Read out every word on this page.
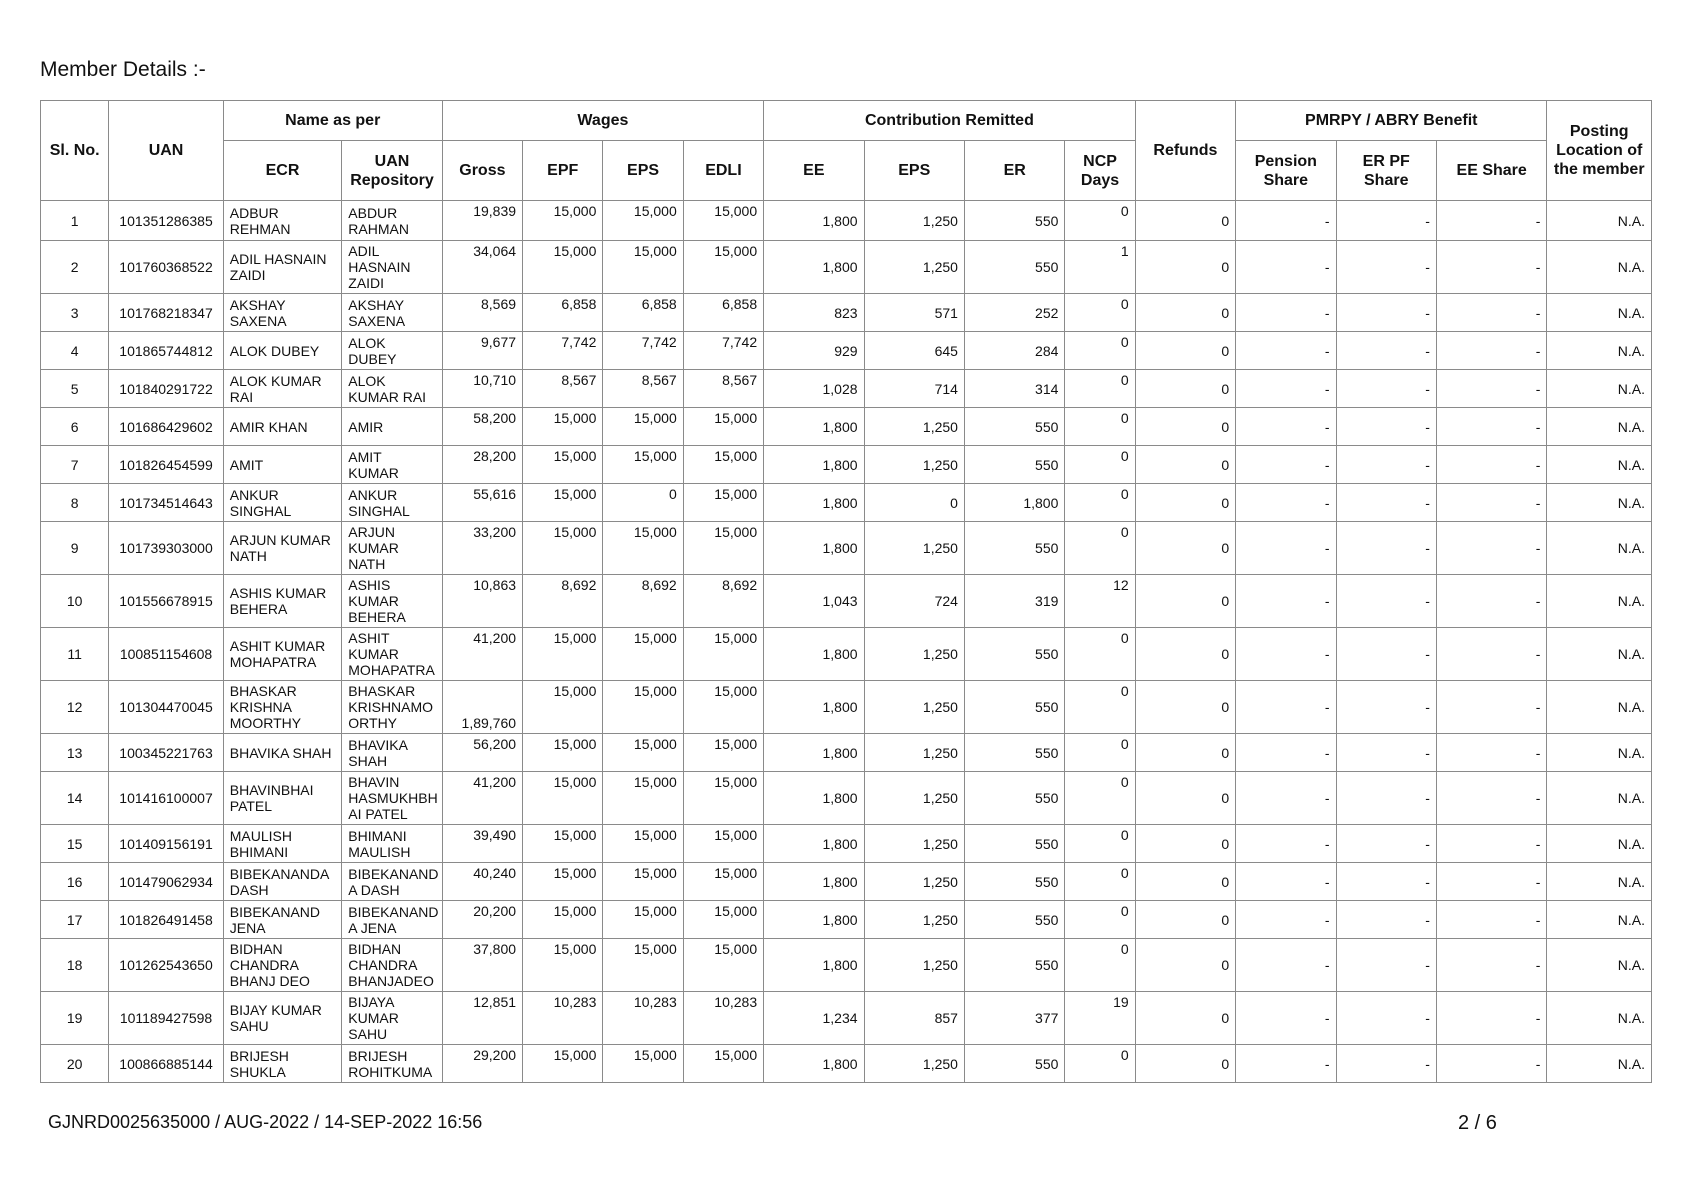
Member Details :-
Sl. No.	UAN	Name as per		Wages				Contribution Remitted				Refunds	PMRPY / ABRY Benefit			Posting Location of the member
		ECR	UAN Repository	Gross	EPF	EPS	EDLI	EE	EPS	ER	NCP Days		Pension Share	ER PF Share	EE Share	
1	101351286385	ADBUR REHMAN	ABDUR RAHMAN	19,839	15,000	15,000	15,000	1,800	1,250	550	0	0	-	-	-	N.A.
2	101760368522	ADIL HASNAIN ZAIDI	ADIL HASNAIN ZAIDI	34,064	15,000	15,000	15,000	1,800	1,250	550	1	0	-	-	-	N.A.
3	101768218347	AKSHAY SAXENA	AKSHAY SAXENA	8,569	6,858	6,858	6,858	823	571	252	0	0	-	-	-	N.A.
4	101865744812	ALOK DUBEY	ALOK DUBEY	9,677	7,742	7,742	7,742	929	645	284	0	0	-	-	-	N.A.
5	101840291722	ALOK KUMAR RAI	ALOK KUMAR RAI	10,710	8,567	8,567	8,567	1,028	714	314	0	0	-	-	-	N.A.
6	101686429602	AMIR KHAN	AMIR	58,200	15,000	15,000	15,000	1,800	1,250	550	0	0	-	-	-	N.A.
7	101826454599	AMIT	AMIT KUMAR	28,200	15,000	15,000	15,000	1,800	1,250	550	0	0	-	-	-	N.A.
8	101734514643	ANKUR SINGHAL	ANKUR SINGHAL	55,616	15,000	0	15,000	1,800	0	1,800	0	0	-	-	-	N.A.
9	101739303000	ARJUN KUMAR NATH	ARJUN KUMAR NATH	33,200	15,000	15,000	15,000	1,800	1,250	550	0	0	-	-	-	N.A.
10	101556678915	ASHIS KUMAR BEHERA	ASHIS KUMAR BEHERA	10,863	8,692	8,692	8,692	1,043	724	319	12	0	-	-	-	N.A.
11	100851154608	ASHIT KUMAR MOHAPATRA	ASHIT KUMAR MOHAPATRA	41,200	15,000	15,000	15,000	1,800	1,250	550	0	0	-	-	-	N.A.
12	101304470045	BHASKAR KRISHNA MOORTHY	BHASKAR KRISHNAMO ORTHY	1,89,760	15,000	15,000	15,000	1,800	1,250	550	0	0	-	-	-	N.A.
13	100345221763	BHAVIKA SHAH	BHAVIKA SHAH	56,200	15,000	15,000	15,000	1,800	1,250	550	0	0	-	-	-	N.A.
14	101416100007	BHAVINBHAI PATEL	BHAVIN HASMUKHBH AI PATEL	41,200	15,000	15,000	15,000	1,800	1,250	550	0	0	-	-	-	N.A.
15	101409156191	MAULISH BHIMANI	BHIMANI MAULISH	39,490	15,000	15,000	15,000	1,800	1,250	550	0	0	-	-	-	N.A.
16	101479062934	BIBEKANANDA DASH	BIBEKANAND A DASH	40,240	15,000	15,000	15,000	1,800	1,250	550	0	0	-	-	-	N.A.
17	101826491458	BIBEKANAND JENA	BIBEKANAND A JENA	20,200	15,000	15,000	15,000	1,800	1,250	550	0	0	-	-	-	N.A.
18	101262543650	BIDHAN CHANDRA BHANJ DEO	BIDHAN CHANDRA BHANJADEO	37,800	15,000	15,000	15,000	1,800	1,250	550	0	0	-	-	-	N.A.
19	101189427598	BIJAY KUMAR SAHU	BIJAYA KUMAR SAHU	12,851	10,283	10,283	10,283	1,234	857	377	19	0	-	-	-	N.A.
20	100866885144	BRIJESH SHUKLA	BRIJESH ROHITKUMA	29,200	15,000	15,000	15,000	1,800	1,250	550	0	0	-	-	-	N.A.
GJNRD0025635000 / AUG-2022 / 14-SEP-2022 16:56	2 / 6
